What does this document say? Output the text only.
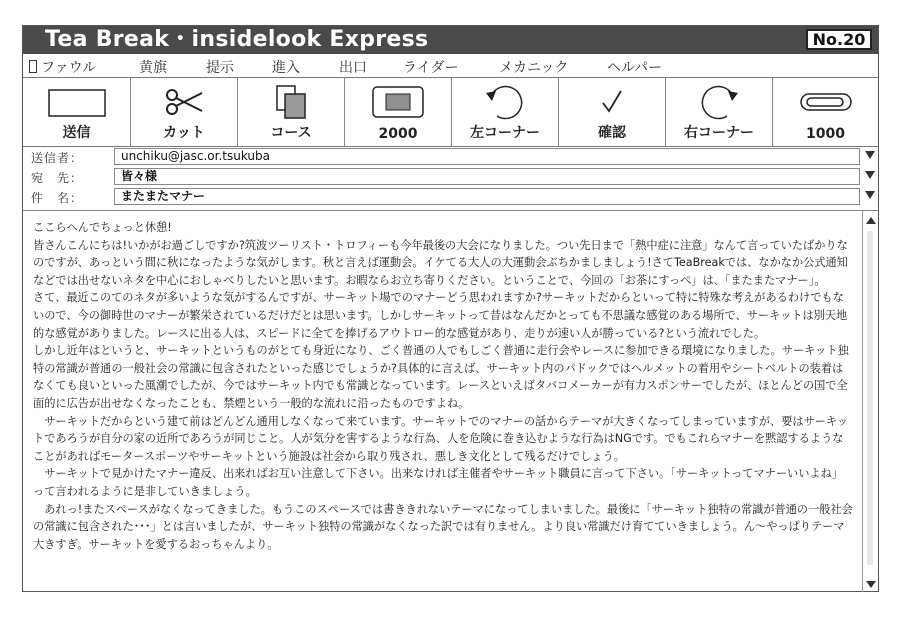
Tea Break・insidelook Express	No.20
ファウル	黄旗	提示	進入	出口	ライダー	メカニック	ヘルパー
送信	カット	コース	2000	左コーナー	確認	右コーナー	1000
送信者：	unchiku@jasc.or.tsukuba
宛　先：	皆々様
件　名：	またまたマナー

ここらへんでちょっと休憩!

皆さんこんにちは!いかがお過ごしですか?筑波ツーリスト・トロフィーも今年最後の大会になりました。つい先日まで「熱中症に注意」なんて言っていたばかりなのですが、あっという間に秋になったような気がします。秋と言えば運動会。イケてる大人の大運動会ぶちかましましょう!さてTeaBreakでは、なかなか公式通知などでは出せないネタを中心におしゃべりしたいと思います。お暇ならお立ち寄りください。ということで、今回の「お茶にすっぺ」は、「またまたマナー」。

さて、最近このてのネタが多いような気がするんですが、サーキット場でのマナーどう思われますか?サーキットだからといって特に特殊な考えがあるわけでもないので、今の御時世のマナーが繁栄されているだけだとは思います。しかしサーキットって昔はなんだかとっても不思議な感覚のある場所で、サーキットは別天地的な感覚がありました。レースに出る人は、スピードに全てを捧げるアウトロー的な感覚があり、走りが速い人が勝っている?という流れでした。

しかし近年はというと、サーキットというものがとても身近になり、ごく普通の人でもしごく普通に走行会やレースに参加できる環境になりました。サーキット独特の常識が普通の一般社会の常識に包含されたといった感じでしょうか?具体的に言えば、サーキット内のパドックではヘルメットの着用やシートベルトの装着はなくても良いといった風潮でしたが、今ではサーキット内でも常識となっています。レースといえばタバコメーカーが有力スポンサーでしたが、ほとんどの国で全面的に広告が出せなくなったことも、禁煙という一般的な流れに沿ったものですよね。

　サーキットだからという建て前はどんどん通用しなくなって来ています。サーキットでのマナーの話からテーマが大きくなってしまっていますが、要はサーキットであろうが自分の家の近所であろうが同じこと。人が気分を害するような行為、人を危険に巻き込むような行為はNGです。でもこれらマナーを黙認するようなことがあればモータースポーツやサーキットという施設は社会から取り残され、悪しき文化として残るだけでしょう。

　サーキットで見かけたマナー違反、出来ればお互い注意して下さい。出来なければ主催者やサーキット職員に言って下さい。「サーキットってマナーいいよね」って言われるように是非していきましょう。

　あれっ!またスペースがなくなってきました。もうこのスペースでは書ききれないテーマになってしまいました。最後に「サーキット独特の常識が普通の一般社会の常識に包含された･･･」とは言いましたが、サーキット独特の常識がなくなった訳では有りません。より良い常識だけ育てていきましょう。ん～やっぱりテーマ大きすぎ。サーキットを愛するおっちゃんより。
